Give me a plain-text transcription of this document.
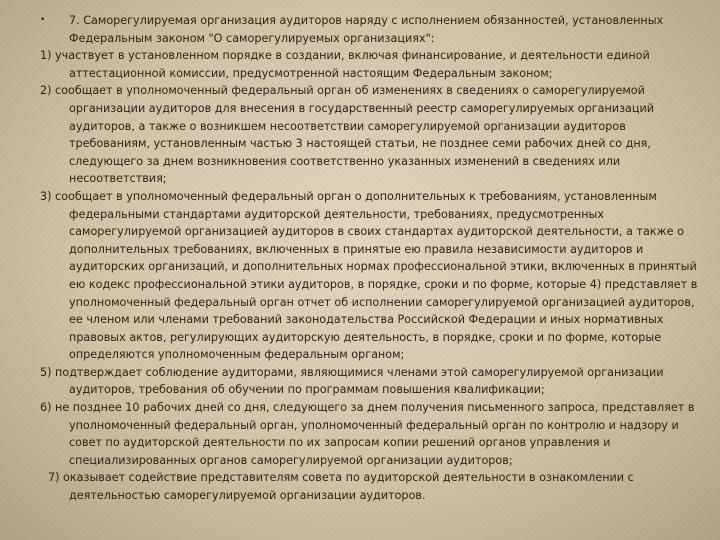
•	7. Саморегулируемая организация аудиторов наряду с исполнением обязанностей, установленных Федеральным законом "О саморегулируемых организациях":

1) участвует в установленном порядке в создании, включая финансирование, и деятельности единой аттестационной комиссии, предусмотренной настоящим Федеральным законом;

2) сообщает в уполномоченный федеральный орган об изменениях в сведениях о саморегулируемой организации аудиторов для внесения в государственный реестр саморегулируемых организаций аудиторов, а также о возникшем несоответствии саморегулируемой организации аудиторов требованиям, установленным частью 3 настоящей статьи, не позднее семи рабочих дней со дня, следующего за днем возникновения соответственно указанных изменений в сведениях или несоответствия;

3) сообщает в уполномоченный федеральный орган о дополнительных к требованиям, установленным федеральными стандартами аудиторской деятельности, требованиях, предусмотренных саморегулируемой организацией аудиторов в своих стандартах аудиторской деятельности, а также о дополнительных требованиях, включенных в принятые ею правила независимости аудиторов и аудиторских организаций, и дополнительных нормах профессиональной этики, включенных в принятый ею кодекс профессиональной этики аудиторов, в порядке, сроки и по форме, которые 4) представляет в уполномоченный федеральный орган отчет об исполнении саморегулируемой организацией аудиторов, ее членом или членами требований законодательства Российской Федерации и иных нормативных правовых актов, регулирующих аудиторскую деятельность, в порядке, сроки и по форме, которые определяются уполномоченным федеральным органом;

5) подтверждает соблюдение аудиторами, являющимися членами этой саморегулируемой организации аудиторов, требования об обучении по программам повышения квалификации;

6) не позднее 10 рабочих дней со дня, следующего за днем получения письменного запроса, представляет в уполномоченный федеральный орган, уполномоченный федеральный орган по контролю и надзору и совет по аудиторской деятельности по их запросам копии решений органов управления и специализированных органов саморегулируемой организации аудиторов;

7) оказывает содействие представителям совета по аудиторской деятельности в ознакомлении с деятельностью саморегулируемой организации аудиторов.
